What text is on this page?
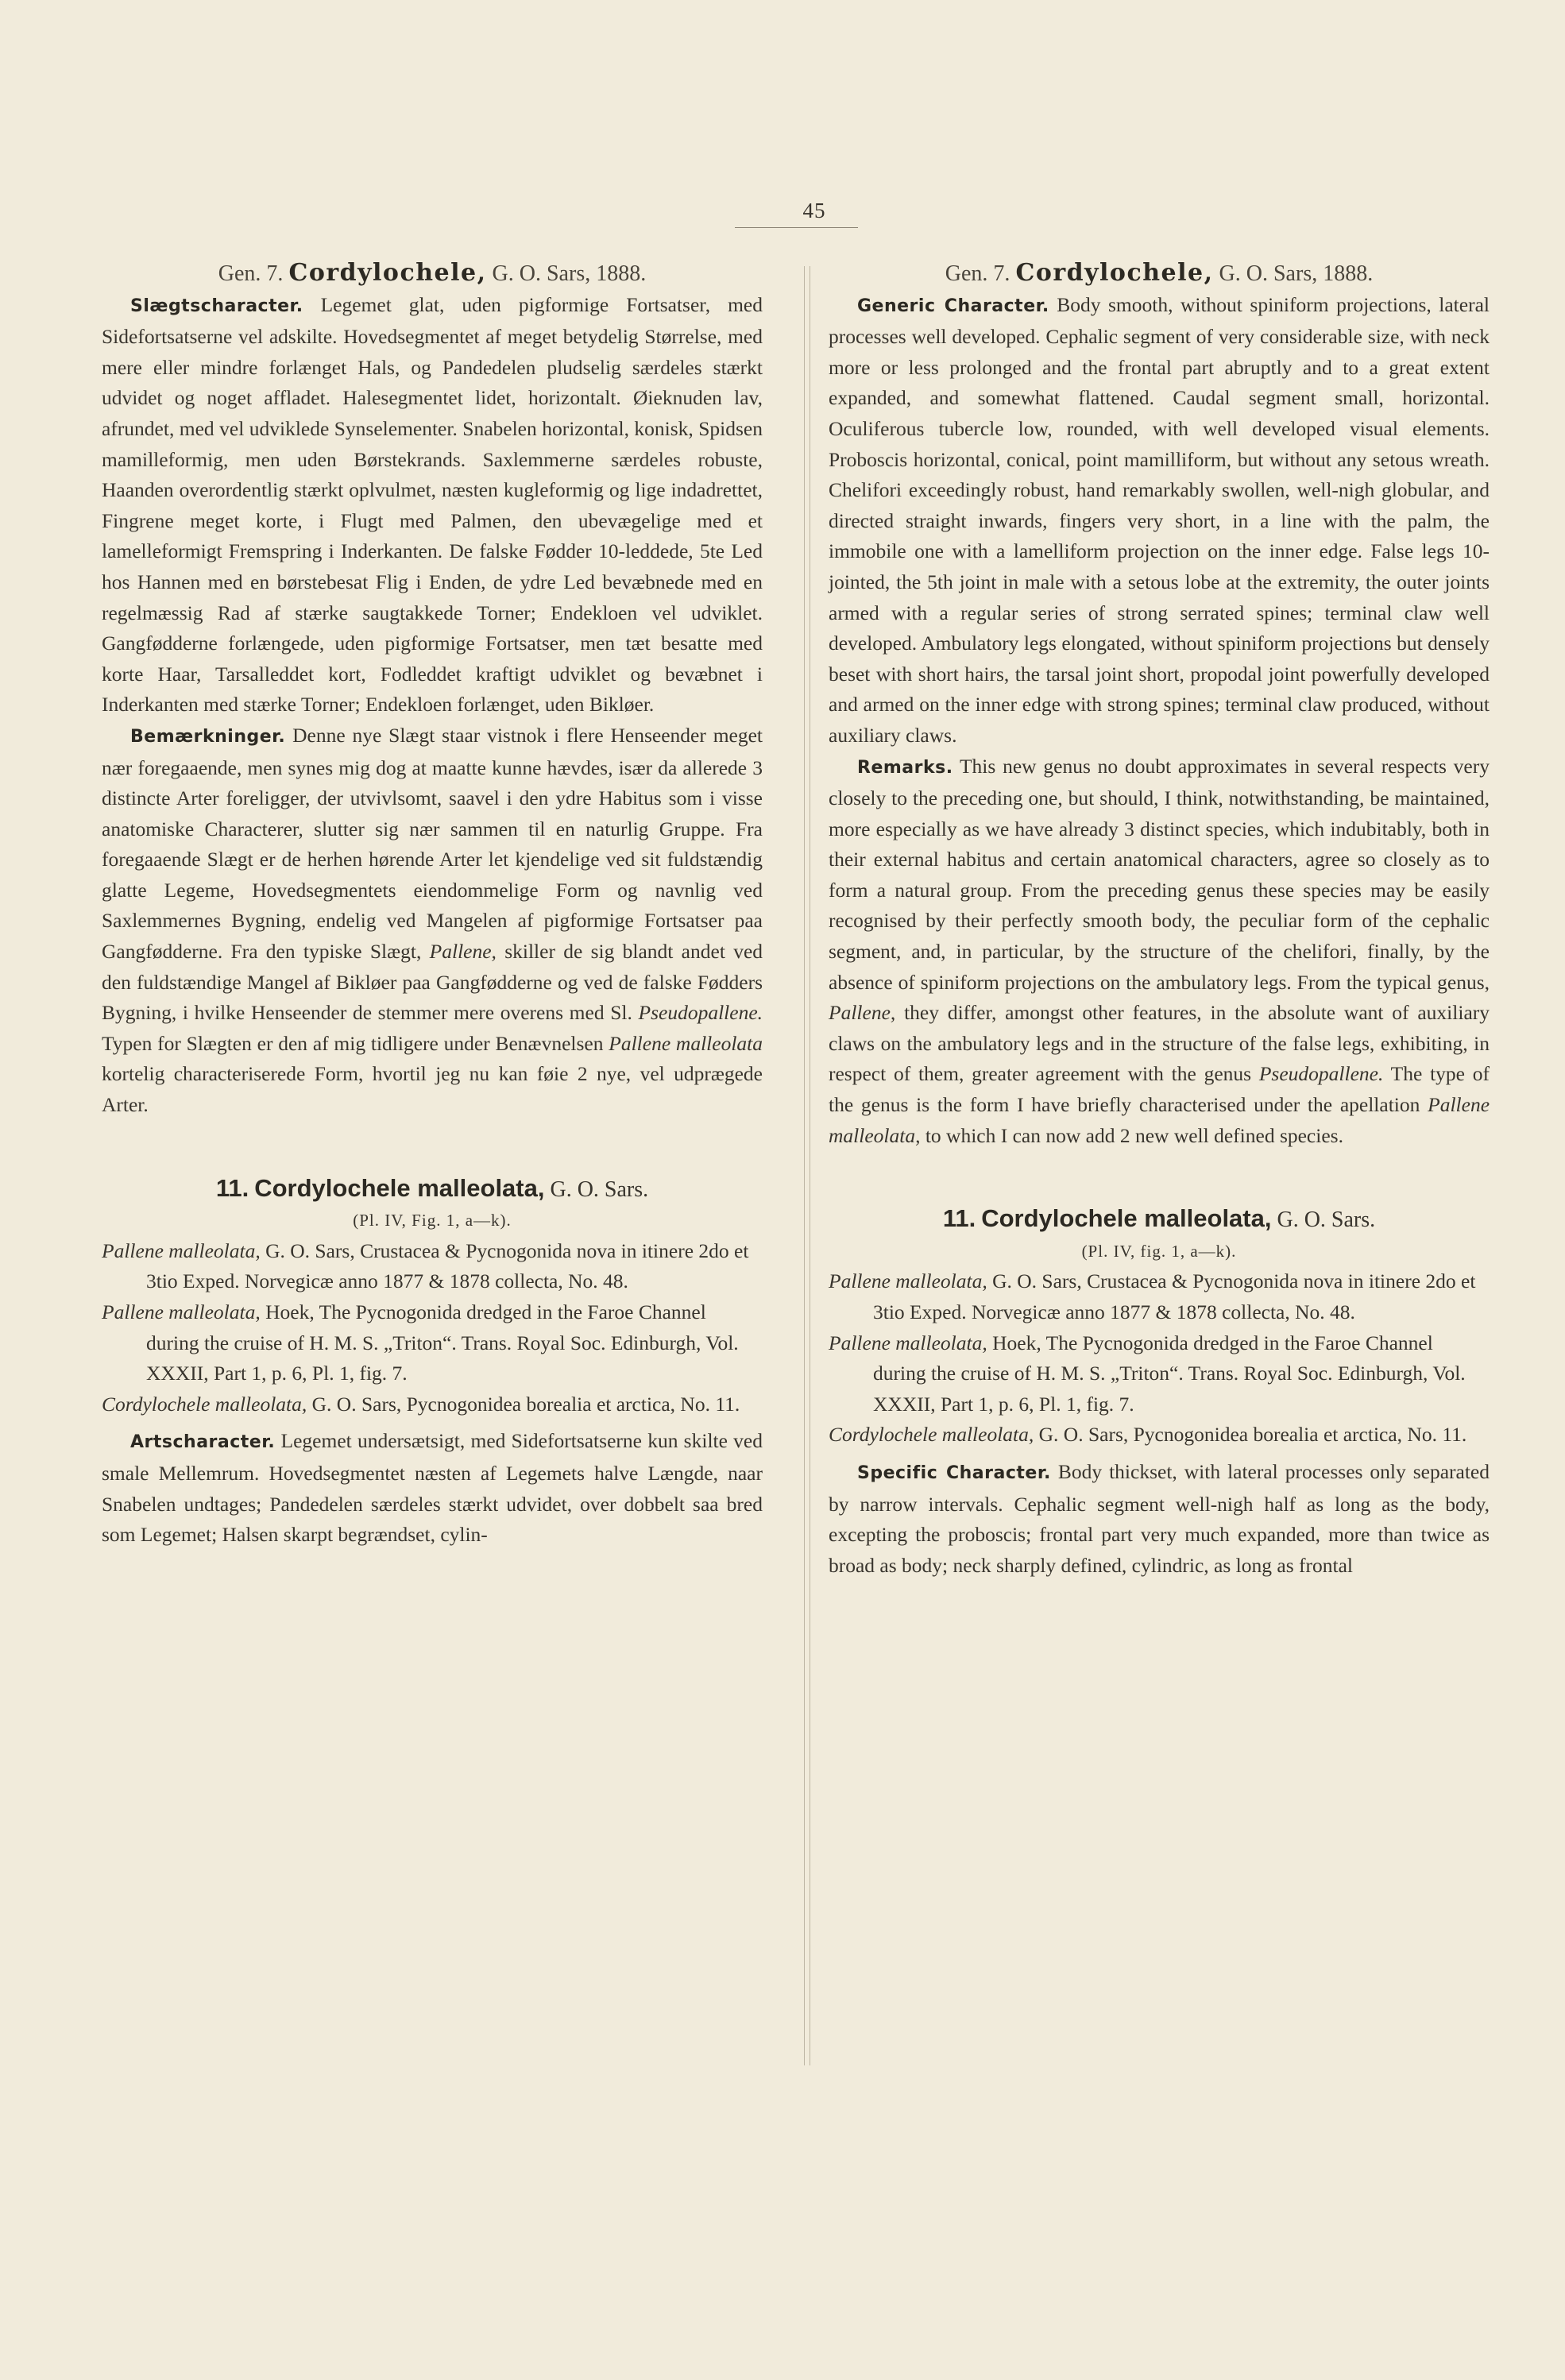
45

Gen. 7. Cordylochele, G. O. Sars, 1888.

Slægtscharacter. Legemet glat, uden pigformige Fortsatser, med Sidefortsatserne vel adskilte. Hovedsegmentet af meget betydelig Størrelse, med mere eller mindre forlænget Hals, og Pandedelen pludselig særdeles stærkt udvidet og noget affladet. Halesegmentet lidet, horizontalt. Øieknuden lav, afrundet, med vel udviklede Synselementer. Snabelen horizontal, konisk, Spidsen mamilleformig, men uden Børstekrands. Saxlemmerne særdeles robuste, Haanden overordentlig stærkt oplvulmet, næsten kugleformig og lige indadrettet, Fingrene meget korte, i Flugt med Palmen, den ubevægelige med et lamelleformigt Fremspring i Inderkanten. De falske Fødder 10-leddede, 5te Led hos Hannen med en børstebesat Flig i Enden, de ydre Led bevæbnede med en regelmæssig Rad af stærke saugtakkede Torner; Endekloen vel udviklet. Gangfødderne forlængede, uden pigformige Fortsatser, men tæt besatte med korte Haar, Tarsalleddet kort, Fodleddet kraftigt udviklet og bevæbnet i Inderkanten med stærke Torner; Endekloen forlænget, uden Bikløer.

Bemærkninger. Denne nye Slægt staar vistnok i flere Henseender meget nær foregaaende, men synes mig dog at maatte kunne hævdes, især da allerede 3 distincte Arter foreligger, der utvivlsomt, saavel i den ydre Habitus som i visse anatomiske Characterer, slutter sig nær sammen til en naturlig Gruppe. Fra foregaaende Slægt er de herhen hørende Arter let kjendelige ved sit fuldstændig glatte Legeme, Hovedsegmentets eiendommelige Form og navnlig ved Saxlemmernes Bygning, endelig ved Mangelen af pigformige Fortsatser paa Gangfødderne. Fra den typiske Slægt, Pallene, skiller de sig blandt andet ved den fuldstændige Mangel af Bikløer paa Gangfødderne og ved de falske Fødders Bygning, i hvilke Henseender de stemmer mere overens med Sl. Pseudopallene. Typen for Slægten er den af mig tidligere under Benævnelsen Pallene malleolata kortelig characteriserede Form, hvortil jeg nu kan føie 2 nye, vel udprægede Arter.

11. Cordylochele malleolata, G. O. Sars.

(Pl. IV, Fig. 1, a—k).

Pallene malleolata, G. O. Sars, Crustacea & Pycnogonida nova in itinere 2do et 3tio Exped. Norvegicæ anno 1877 & 1878 collecta, No. 48.

Pallene malleolata, Hoek, The Pycnogonida dredged in the Faroe Channel during the cruise of H. M. S. „Triton“. Trans. Royal Soc. Edinburgh, Vol. XXXII, Part 1, p. 6, Pl. 1, fig. 7.

Cordylochele malleolata, G. O. Sars, Pycnogonidea borealia et arctica, No. 11.

Artscharacter. Legemet undersætsigt, med Sidefortsatserne kun skilte ved smale Mellemrum. Hovedsegmentet næsten af Legemets halve Længde, naar Snabelen undtages; Pandedelen særdeles stærkt udvidet, over dobbelt saa bred som Legemet; Halsen skarpt begrændset, cylin-

Gen. 7. Cordylochele, G. O. Sars, 1888.

Generic Character. Body smooth, without spiniform projections, lateral processes well developed. Cephalic segment of very considerable size, with neck more or less prolonged and the frontal part abruptly and to a great extent expanded, and somewhat flattened. Caudal segment small, horizontal. Oculiferous tubercle low, rounded, with well developed visual elements. Proboscis horizontal, conical, point mamilliform, but without any setous wreath. Chelifori exceedingly robust, hand remarkably swollen, well-nigh globular, and directed straight inwards, fingers very short, in a line with the palm, the immobile one with a lamelliform projection on the inner edge. False legs 10-jointed, the 5th joint in male with a setous lobe at the extremity, the outer joints armed with a regular series of strong serrated spines; terminal claw well developed. Ambulatory legs elongated, without spiniform projections but densely beset with short hairs, the tarsal joint short, propodal joint powerfully developed and armed on the inner edge with strong spines; terminal claw produced, without auxiliary claws.

Remarks. This new genus no doubt approximates in several respects very closely to the preceding one, but should, I think, notwithstanding, be maintained, more especially as we have already 3 distinct species, which indubitably, both in their external habitus and certain anatomical characters, agree so closely as to form a natural group. From the preceding genus these species may be easily recognised by their perfectly smooth body, the peculiar form of the cephalic segment, and, in particular, by the structure of the chelifori, finally, by the absence of spiniform projections on the ambulatory legs. From the typical genus, Pallene, they differ, amongst other features, in the absolute want of auxiliary claws on the ambulatory legs and in the structure of the false legs, exhibiting, in respect of them, greater agreement with the genus Pseudopallene. The type of the genus is the form I have briefly characterised under the apellation Pallene malleolata, to which I can now add 2 new well defined species.

11. Cordylochele malleolata, G. O. Sars.

(Pl. IV, fig. 1, a—k).

Pallene malleolata, G. O. Sars, Crustacea & Pycnogonida nova in itinere 2do et 3tio Exped. Norvegicæ anno 1877 & 1878 collecta, No. 48.

Pallene malleolata, Hoek, The Pycnogonida dredged in the Faroe Channel during the cruise of H. M. S. „Triton“. Trans. Royal Soc. Edinburgh, Vol. XXXII, Part 1, p. 6, Pl. 1, fig. 7.

Cordylochele malleolata, G. O. Sars, Pycnogonidea borealia et arctica, No. 11.

Specific Character. Body thickset, with lateral processes only separated by narrow intervals. Cephalic segment well-nigh half as long as the body, excepting the proboscis; frontal part very much expanded, more than twice as broad as body; neck sharply defined, cylindric, as long as frontal
